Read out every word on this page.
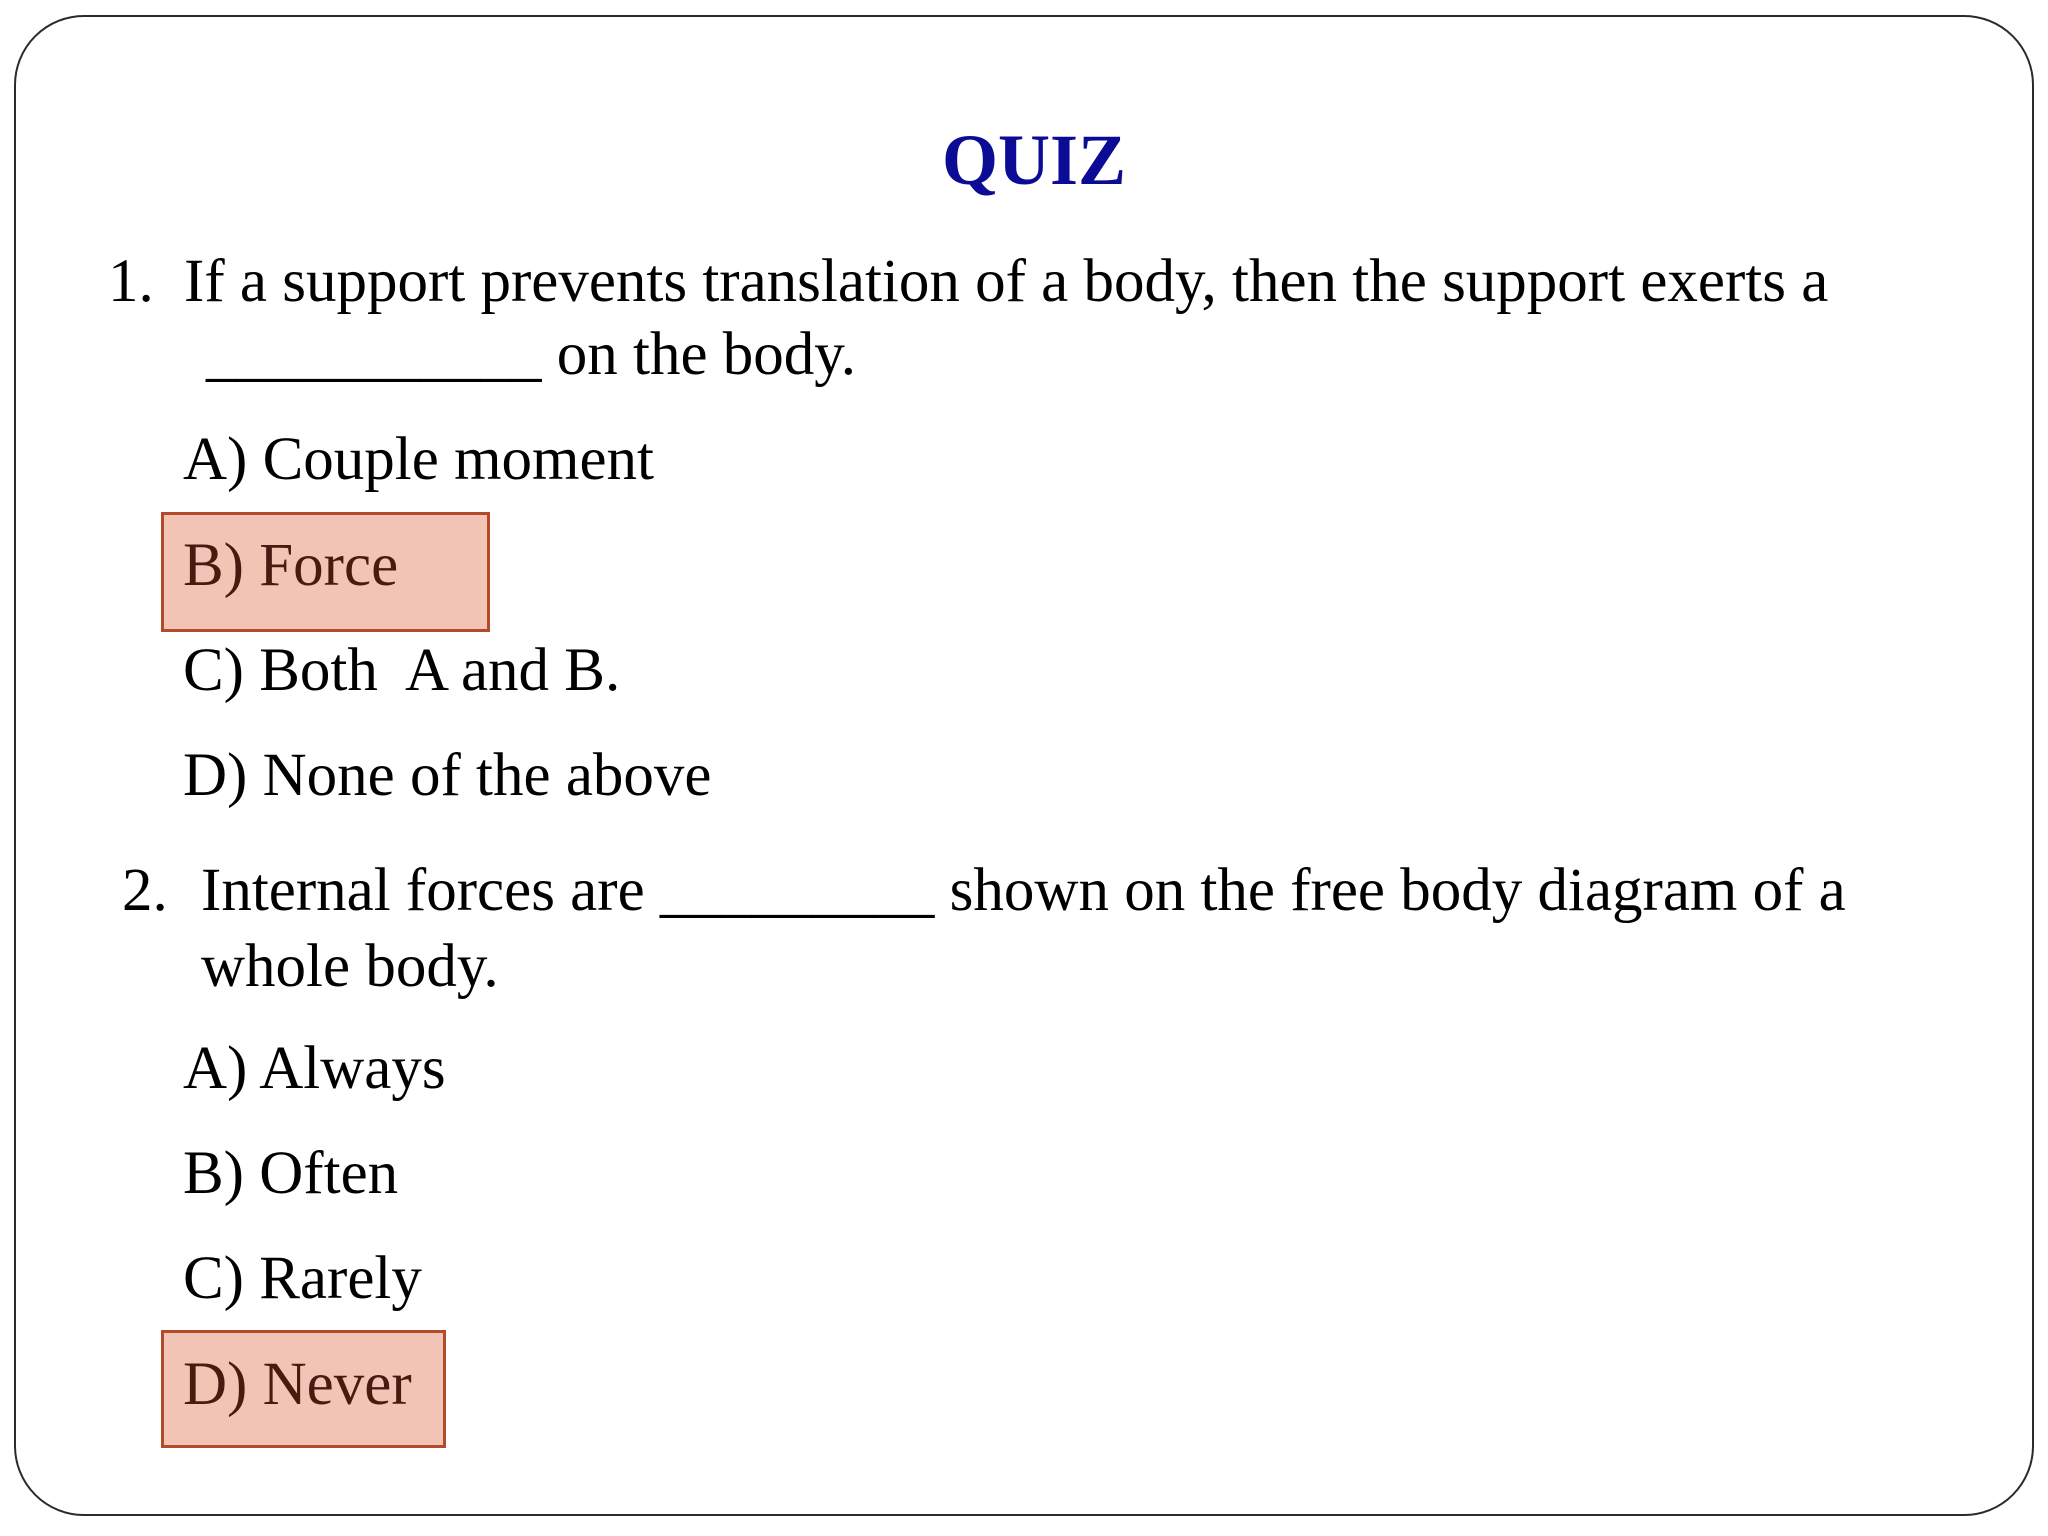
QUIZ
1. If a support prevents translation of a body, then the support exerts a

___________ on the body.

A) Couple moment
B) Force
C) Both  A and B.
D) None of the above
2. Internal forces are _________ shown on the free body diagram of a

whole body.

A) Always
B) Often
C) Rarely
D) Never
